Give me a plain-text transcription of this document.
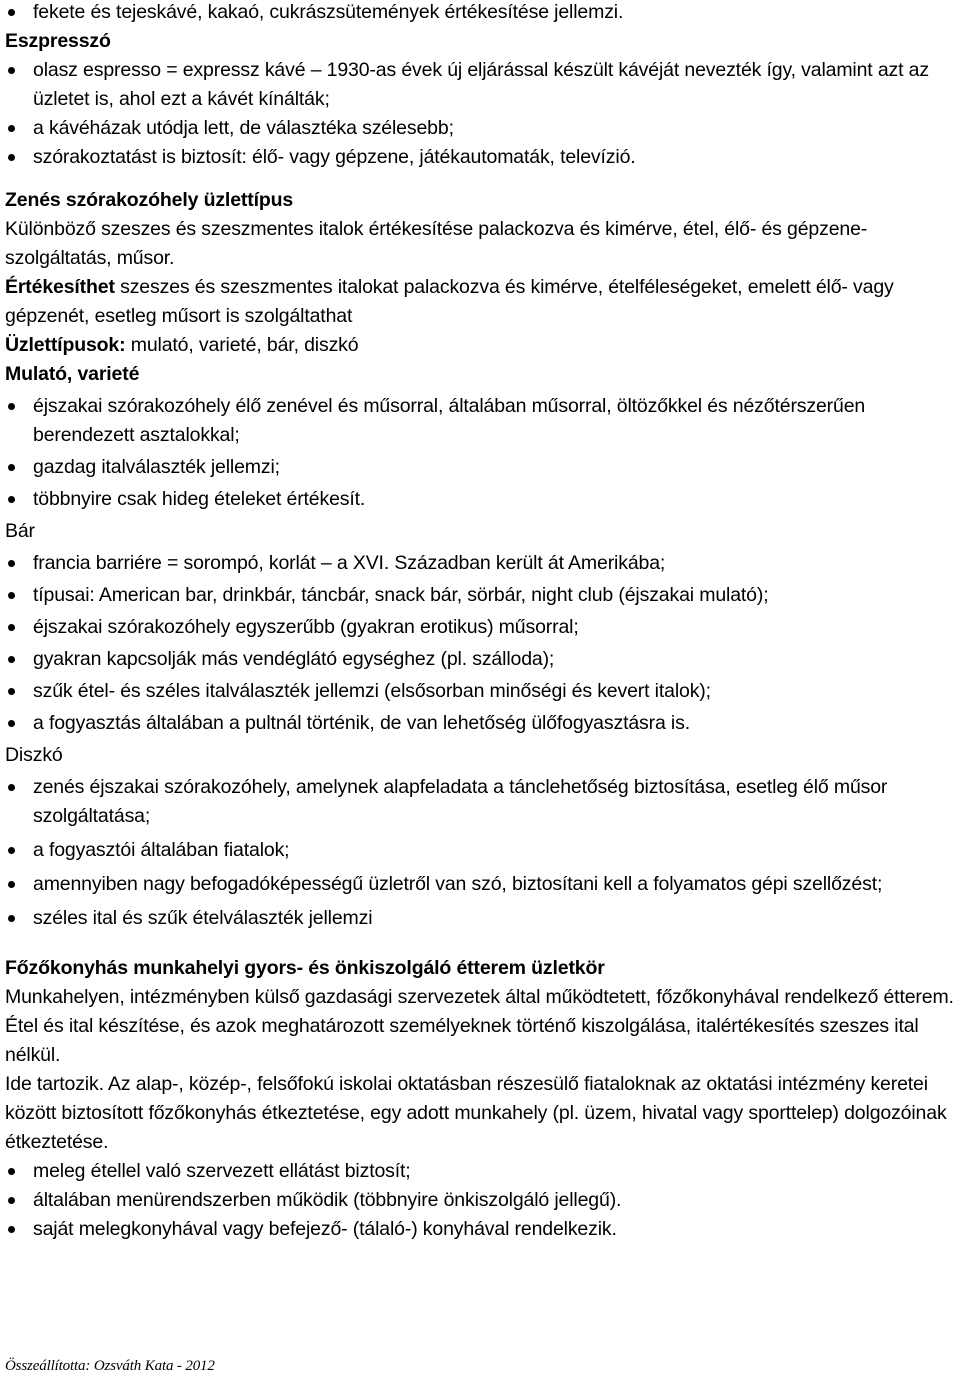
fekete és tejeskávé, kakaó, cukrászsütemények értékesítése jellemzi.
Eszpresszó
olasz espresso = expressz kávé – 1930-as évek új eljárással készült kávéját nevezték így, valamint azt az üzletet is, ahol ezt a kávét kínálták;
a kávéházak utódja lett, de választéka szélesebb;
szórakoztatást is biztosít: élő- vagy gépzene, játékautomaták, televízió.
Zenés szórakozóhely üzlettípus
Különböző szeszes és szeszmentes italok értékesítése palackozva és kimérve, étel, élő- és gépzene-szolgáltatás, műsor.
Értékesíthet szeszes és szeszmentes italokat palackozva és kimérve, ételféleségeket, emelett élő- vagy gépzenét, esetleg műsort is szolgáltathat
Üzlettípusok: mulató, varieté, bár, diszkó
Mulató, varieté
éjszakai szórakozóhely élő zenével és műsorral, általában műsorral, öltözőkkel és nézőtérszerűen berendezett asztalokkal;
gazdag italválaszték jellemzi;
többnyire csak hideg ételeket értékesít.
Bár
francia barriére = sorompó, korlát – a XVI. Században került át Amerikába;
típusai: American bar, drinkbár, táncbár, snack bár, sörbár, night club (éjszakai mulató);
éjszakai szórakozóhely egyszerűbb (gyakran erotikus) műsorral;
gyakran kapcsolják más vendéglátó egységhez (pl. szálloda);
szűk étel- és széles italválaszték jellemzi (elsősorban minőségi és kevert italok);
a fogyasztás általában a pultnál történik, de van lehetőség ülőfogyasztásra is.
Diszkó
zenés éjszakai szórakozóhely, amelynek alapfeladata a tánclehetőség biztosítása, esetleg élő műsor szolgáltatása;
a fogyasztói általában fiatalok;
amennyiben nagy befogadóképességű üzletről van szó, biztosítani kell a folyamatos gépi szellőzést;
széles ital és szűk ételválaszték jellemzi
Főzőkonyhás munkahelyi gyors- és önkiszolgáló étterem üzletkör
Munkahelyen, intézményben külső gazdasági szervezetek által működtetett, főzőkonyhával rendelkező étterem. Étel és ital készítése, és azok meghatározott személyeknek történő kiszolgálása, italértékesítés szeszes ital nélkül.
Ide tartozik. Az alap-, közép-, felsőfokú iskolai oktatásban részesülő fiataloknak az oktatási intézmény keretei között biztosított főzőkonyhás étkeztetése, egy adott munkahely (pl. üzem, hivatal vagy sporttelep) dolgozóinak étkeztetése.
meleg étellel való szervezett ellátást biztosít;
általában menürendszerben működik (többnyire önkiszolgáló jellegű).
saját melegkonyhával vagy befejező- (tálaló-) konyhával rendelkezik.
Összeállította: Ozsváth Kata - 2012
